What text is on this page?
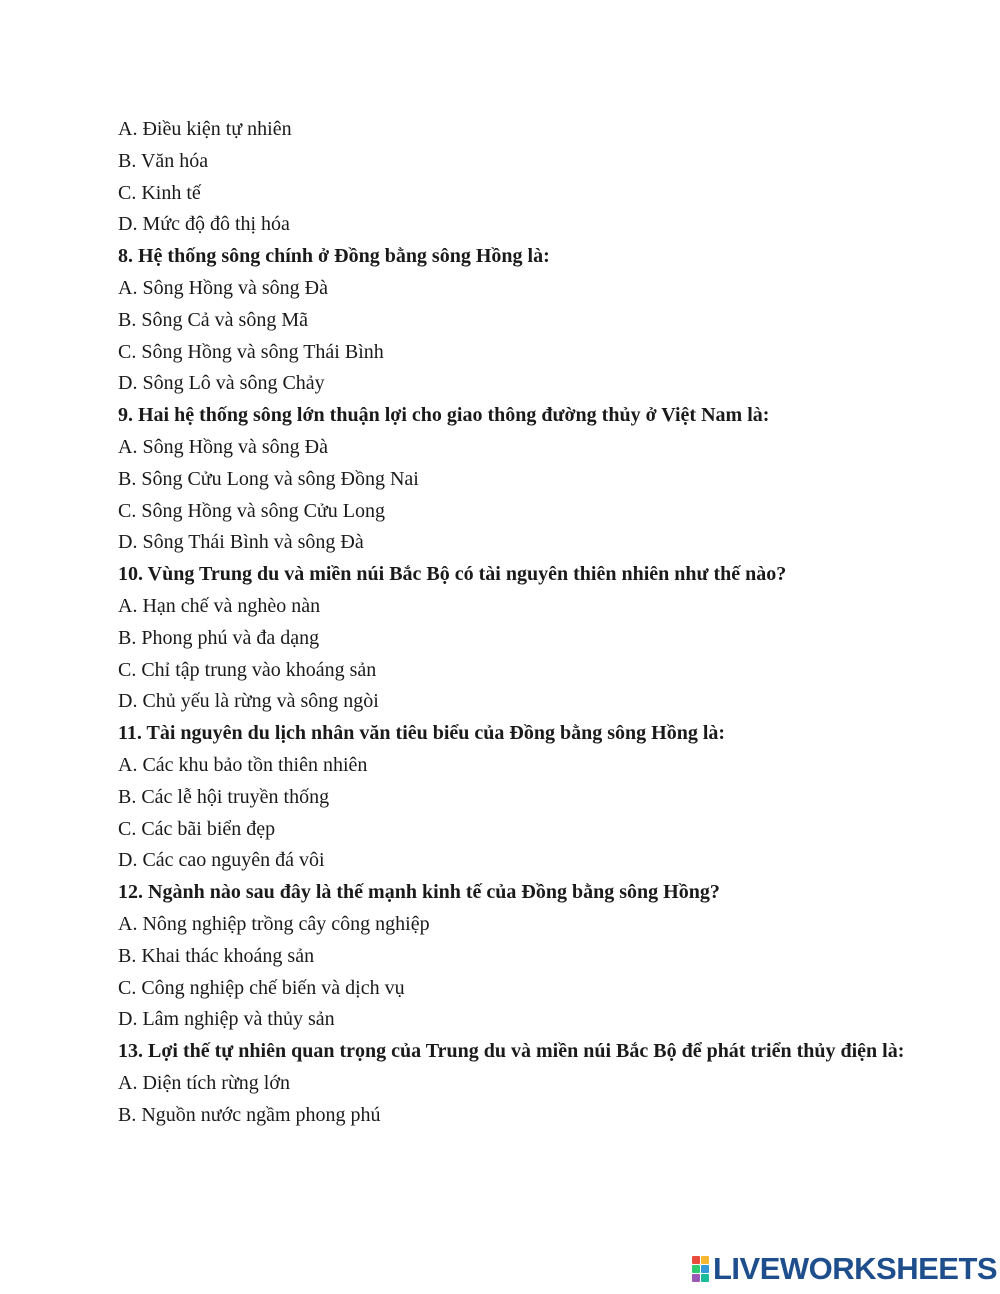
A. Điều kiện tự nhiên
B. Văn hóa
C. Kinh tế
D. Mức độ đô thị hóa
8. Hệ thống sông chính ở Đồng bằng sông Hồng là:
A. Sông Hồng và sông Đà
B. Sông Cả và sông Mã
C. Sông Hồng và sông Thái Bình
D. Sông Lô và sông Chảy
9. Hai hệ thống sông lớn thuận lợi cho giao thông đường thủy ở Việt Nam là:
A. Sông Hồng và sông Đà
B. Sông Cửu Long và sông Đồng Nai
C. Sông Hồng và sông Cửu Long
D. Sông Thái Bình và sông Đà
10. Vùng Trung du và miền núi Bắc Bộ có tài nguyên thiên nhiên như thế nào?
A. Hạn chế và nghèo nàn
B. Phong phú và đa dạng
C. Chỉ tập trung vào khoáng sản
D. Chủ yếu là rừng và sông ngòi
11. Tài nguyên du lịch nhân văn tiêu biểu của Đồng bằng sông Hồng là:
A. Các khu bảo tồn thiên nhiên
B. Các lễ hội truyền thống
C. Các bãi biển đẹp
D. Các cao nguyên đá vôi
12. Ngành nào sau đây là thế mạnh kinh tế của Đồng bằng sông Hồng?
A. Nông nghiệp trồng cây công nghiệp
B. Khai thác khoáng sản
C. Công nghiệp chế biến và dịch vụ
D. Lâm nghiệp và thủy sản
13. Lợi thế tự nhiên quan trọng của Trung du và miền núi Bắc Bộ để phát triển thủy điện là:
A. Diện tích rừng lớn
B. Nguồn nước ngầm phong phú
LIVEWORKSHEETS
